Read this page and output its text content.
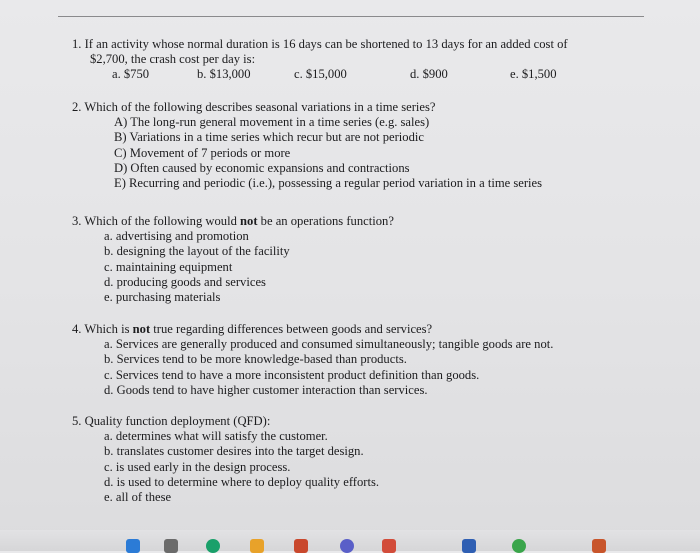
1. If an activity whose normal duration is 16 days can be shortened to 13 days for an added cost of
$2,700, the crash cost per day is:
a. $750	b. $13,000	c. $15,000	d. $900	e. $1,500
2. Which of the following describes seasonal variations in a time series?
A) The long-run general movement in a time series (e.g. sales)
B) Variations in a time series which recur but are not periodic
C) Movement of 7 periods or more
D) Often caused by economic expansions and contractions
E) Recurring and periodic (i.e.), possessing a regular period variation in a time series
3. Which of the following would not be an operations function?
a. advertising and promotion
b. designing the layout of the facility
c. maintaining equipment
d. producing goods and services
e. purchasing materials
4. Which is not true regarding differences between goods and services?
a. Services are generally produced and consumed simultaneously; tangible goods are not.
b. Services tend to be more knowledge-based than products.
c. Services tend to have a more inconsistent product definition than goods.
d. Goods tend to have higher customer interaction than services.
5. Quality function deployment (QFD):
a. determines what will satisfy the customer.
b. translates customer desires into the target design.
c. is used early in the design process.
d. is used to determine where to deploy quality efforts.
e. all of these
